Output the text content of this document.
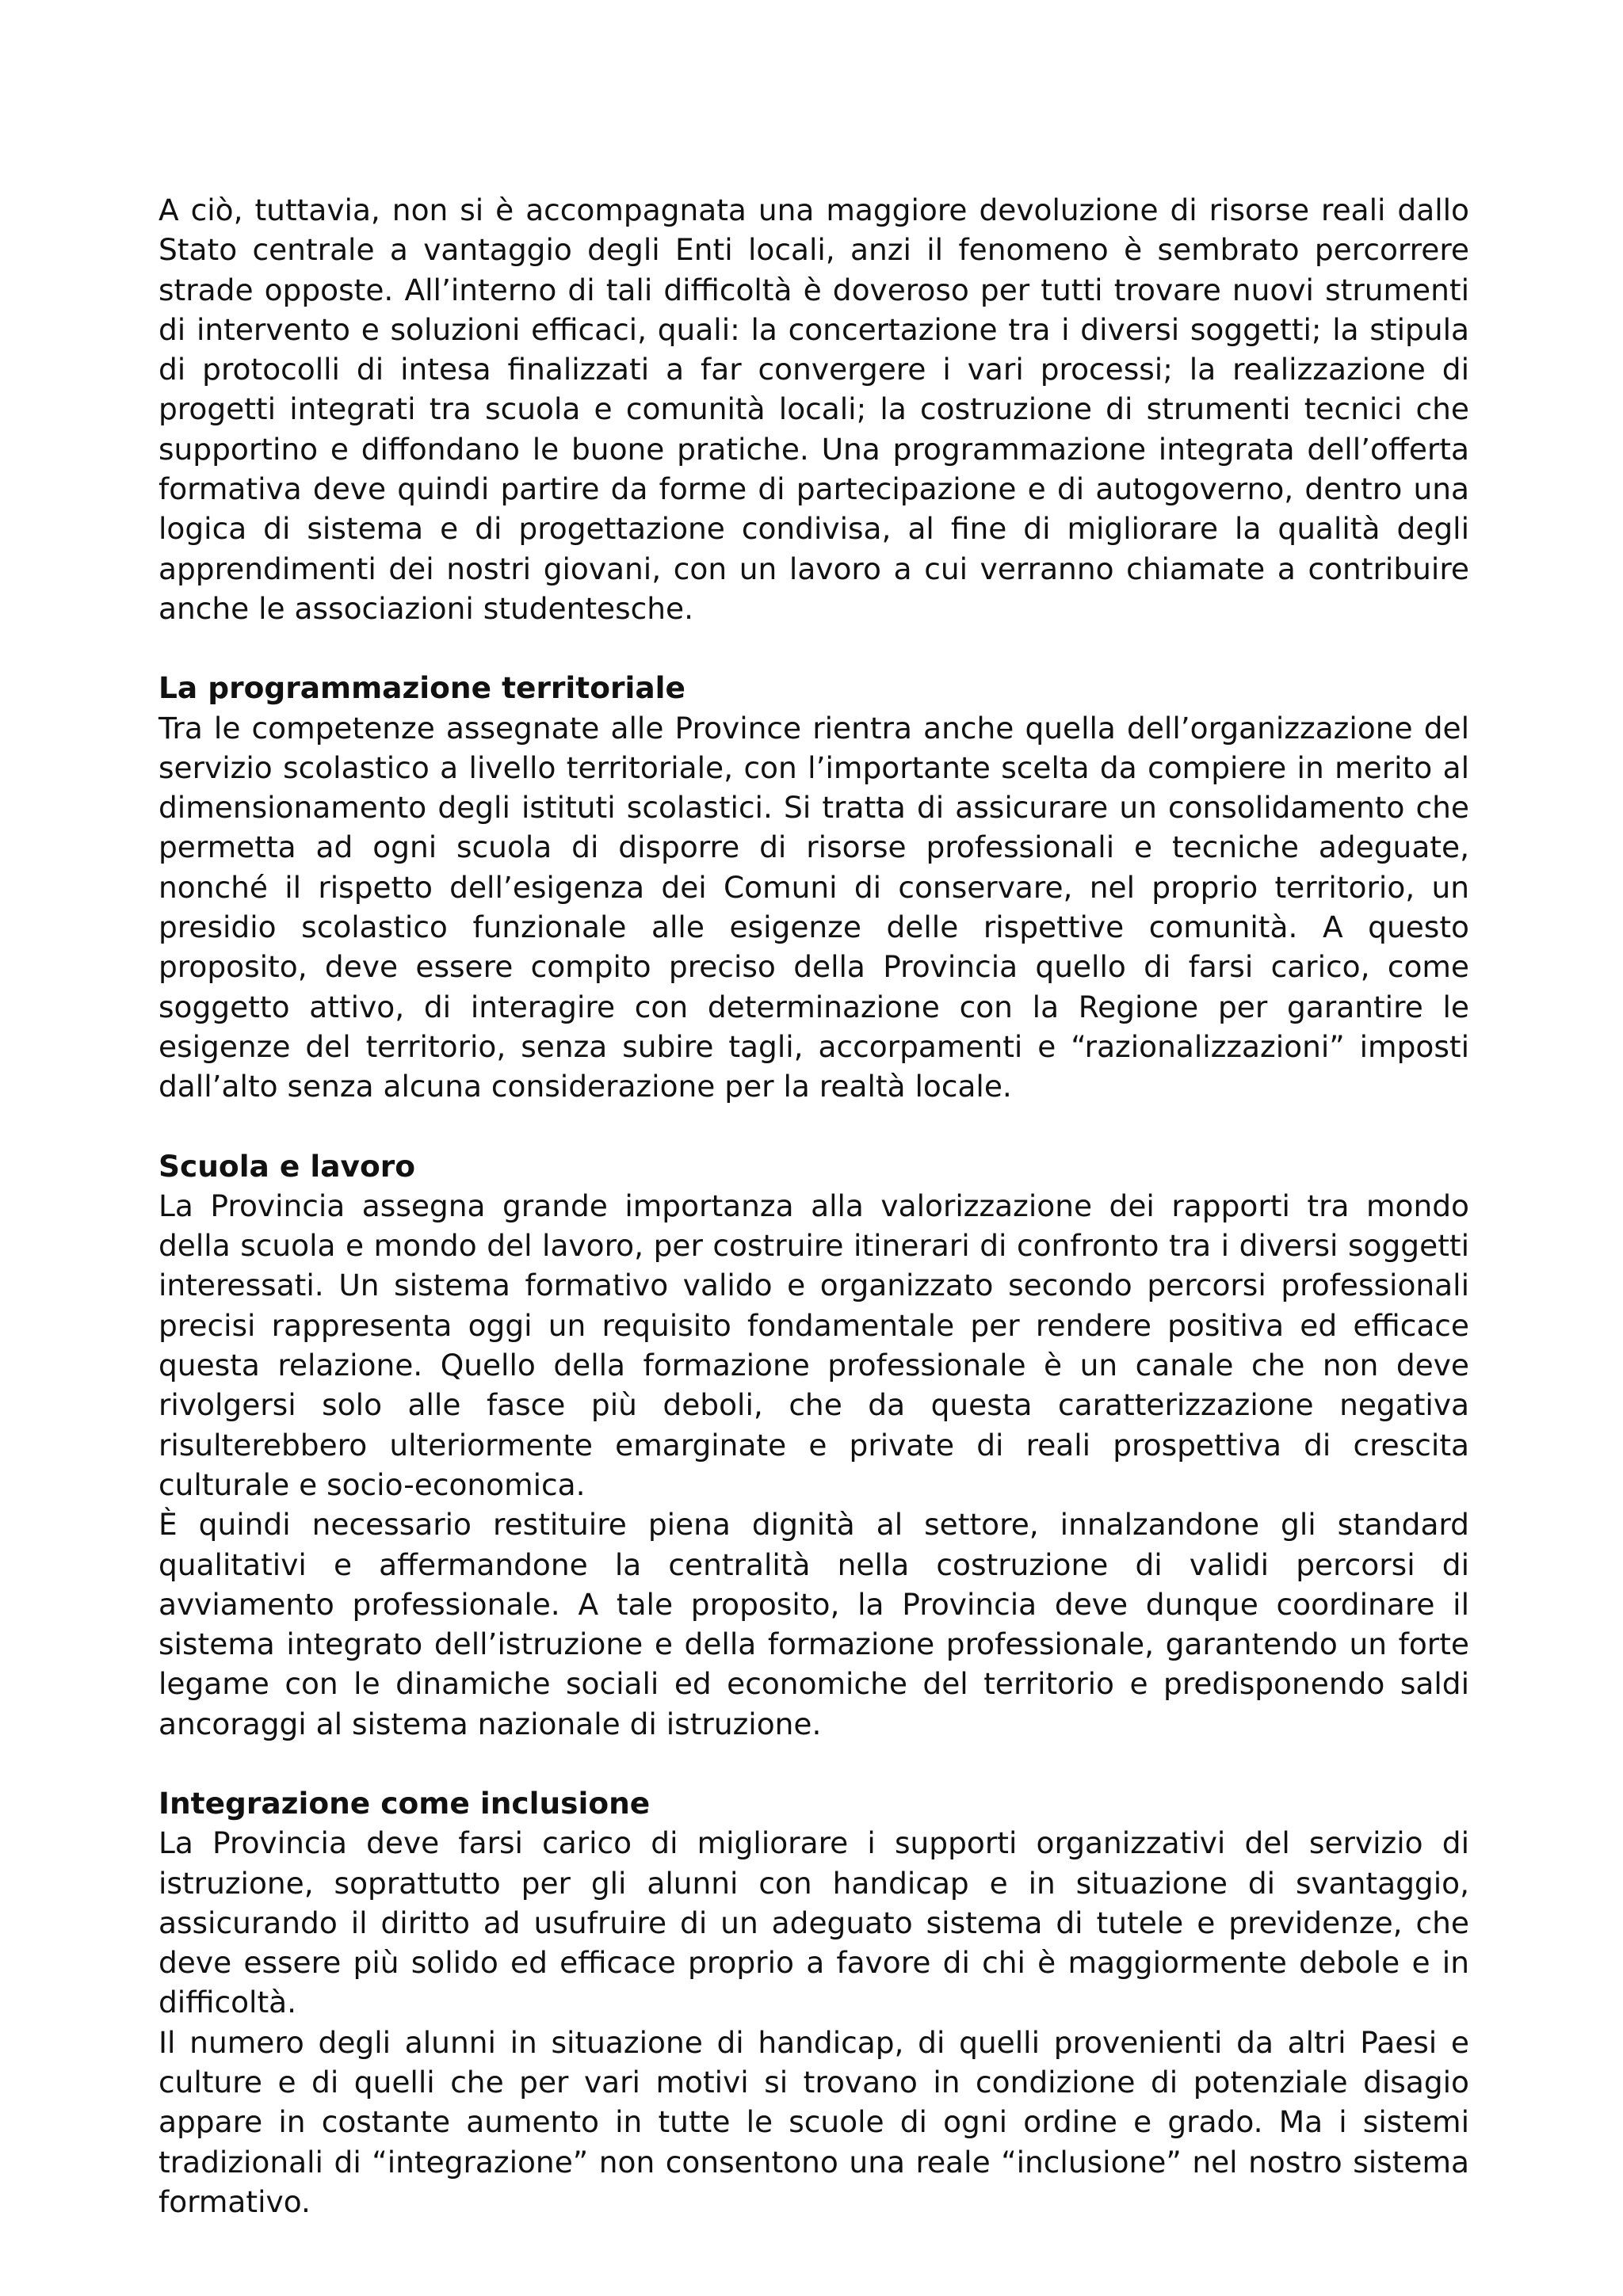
A ciò, tuttavia, non si è accompagnata una maggiore devoluzione di risorse reali dallo Stato centrale a vantaggio degli Enti locali, anzi il fenomeno è sembrato percorrere strade opposte. All’interno di tali difficoltà è doveroso per tutti trovare nuovi strumenti di intervento e soluzioni efficaci, quali: la concertazione tra i diversi soggetti; la stipula di protocolli di intesa finalizzati a far convergere i vari processi; la realizzazione di progetti integrati tra scuola e comunità locali; la costruzione di strumenti tecnici che supportino e diffondano le buone pratiche. Una programmazione integrata dell’offerta formativa deve quindi partire da forme di partecipazione e di autogoverno, dentro una logica di sistema e di progettazione condivisa, al fine di migliorare la qualità degli apprendimenti dei nostri giovani, con un lavoro a cui verranno chiamate a contribuire anche le associazioni studentesche.

La programmazione territoriale

Tra le competenze assegnate alle Province rientra anche quella dell’organizzazione del servizio scolastico a livello territoriale, con l’importante scelta da compiere in merito al dimensionamento degli istituti scolastici. Si tratta di assicurare un consolidamento che permetta ad ogni scuola di disporre di risorse professionali e tecniche adeguate, nonché il rispetto dell’esigenza dei Comuni di conservare, nel proprio territorio, un presidio scolastico funzionale alle esigenze delle rispettive comunità. A questo proposito, deve essere compito preciso della Provincia quello di farsi carico, come soggetto attivo, di interagire con determinazione con la Regione per garantire le esigenze del territorio, senza subire tagli, accorpamenti e “razionalizzazioni” imposti dall’alto senza alcuna considerazione per la realtà locale.

Scuola e lavoro

La Provincia assegna grande importanza alla valorizzazione dei rapporti tra mondo della scuola e mondo del lavoro, per costruire itinerari di confronto tra i diversi soggetti interessati. Un sistema formativo valido e organizzato secondo percorsi professionali precisi rappresenta oggi un requisito fondamentale per rendere positiva ed efficace questa relazione. Quello della formazione professionale è un canale che non deve rivolgersi solo alle fasce più deboli, che da questa caratterizzazione negativa risulterebbero ulteriormente emarginate e private di reali prospettiva di crescita culturale e socio-economica.

È quindi necessario restituire piena dignità al settore, innalzandone gli standard qualitativi e affermandone la centralità nella costruzione di validi percorsi di avviamento professionale. A tale proposito, la Provincia deve dunque coordinare il sistema integrato dell’istruzione e della formazione professionale, garantendo un forte legame con le dinamiche sociali ed economiche del territorio e predisponendo saldi ancoraggi al sistema nazionale di istruzione.

Integrazione come inclusione

La Provincia deve farsi carico di migliorare i supporti organizzativi del servizio di istruzione, soprattutto per gli alunni con handicap e in situazione di svantaggio, assicurando il diritto ad usufruire di un adeguato sistema di tutele e previdenze, che deve essere più solido ed efficace proprio a favore di chi è maggiormente debole e in difficoltà.

Il numero degli alunni in situazione di handicap, di quelli provenienti da altri Paesi e culture e di quelli che per vari motivi si trovano in condizione di potenziale disagio appare in costante aumento in tutte le scuole di ogni ordine e grado. Ma i sistemi tradizionali di “integrazione” non consentono una reale “inclusione” nel nostro sistema formativo.
